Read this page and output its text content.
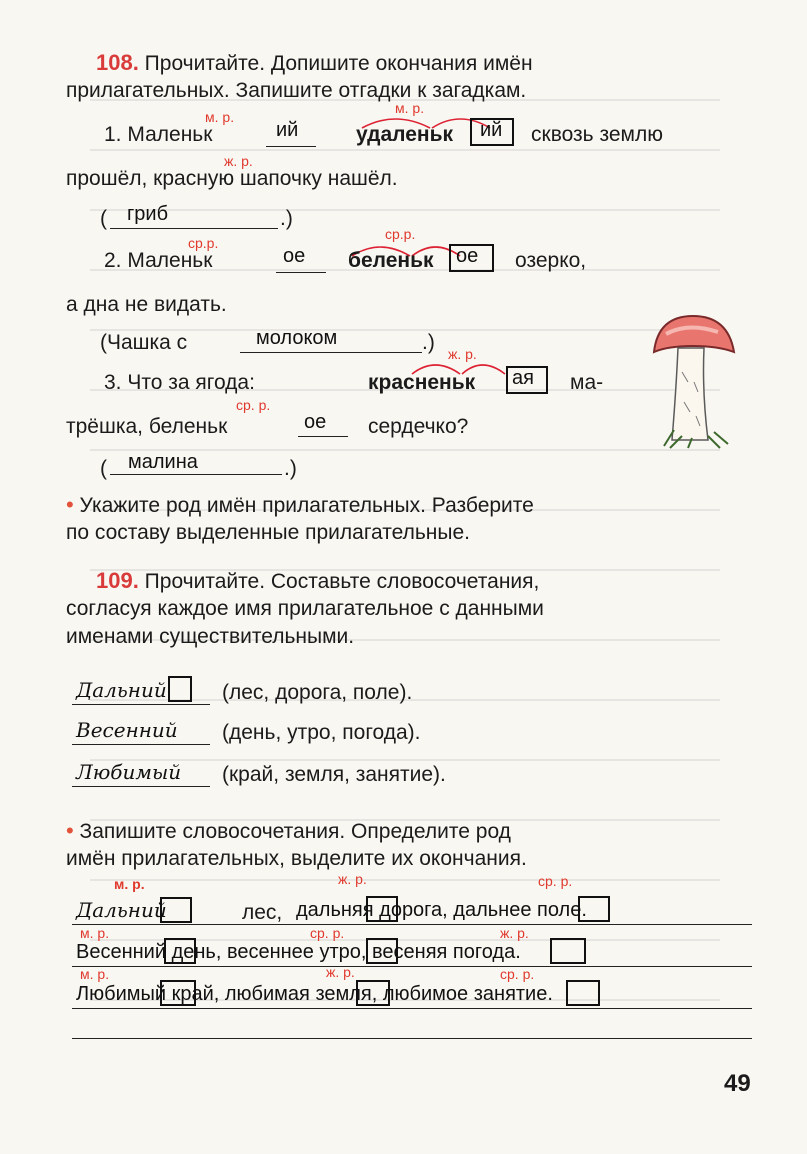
108. Прочитайте. Допишите окончания имён
прилагательных. Запишите отгадки к загадкам.
м. р.
м. р.
1. Маленьк	ий	удаленьк ий сквозь землю
ж. р.
прошёл, красную шапочку нашёл.
( гриб	.)
ср.р.
ср.р.
2. Маленьк	ое беленьк ое озерко,
а дна не видать.
(Чашка с	молоком	.) ж. р.
3. Что за ягода:	красненьк ая ма-
ср. р.
трёшка, беленьк	ое сердечко?
( малина	.)
• Укажите род имён прилагательных. Разберите
по составу выделенные прилагательные.
109. Прочитайте. Составьте словосочетания,
согласуя каждое имя прилагательное с данными
именами существительными.
Дальний	(лес, дорога, поле).
Весенний (день, утро, погода).
Любимый (край, земля, занятие).
• Запишите словосочетания. Определите род
имён прилагательных, выделите их окончания.
м. р.	ж. р.	ср. р.
Дальний	лес, дальняя дорога, дальнее поле.
м. р.	ср. р.	ж. р.
Весенний день, весеннее утро, весеняя погода.
м. р.	ж. р.	ср. р.
Любимый край, любимая земля, любимое занятие.
49
